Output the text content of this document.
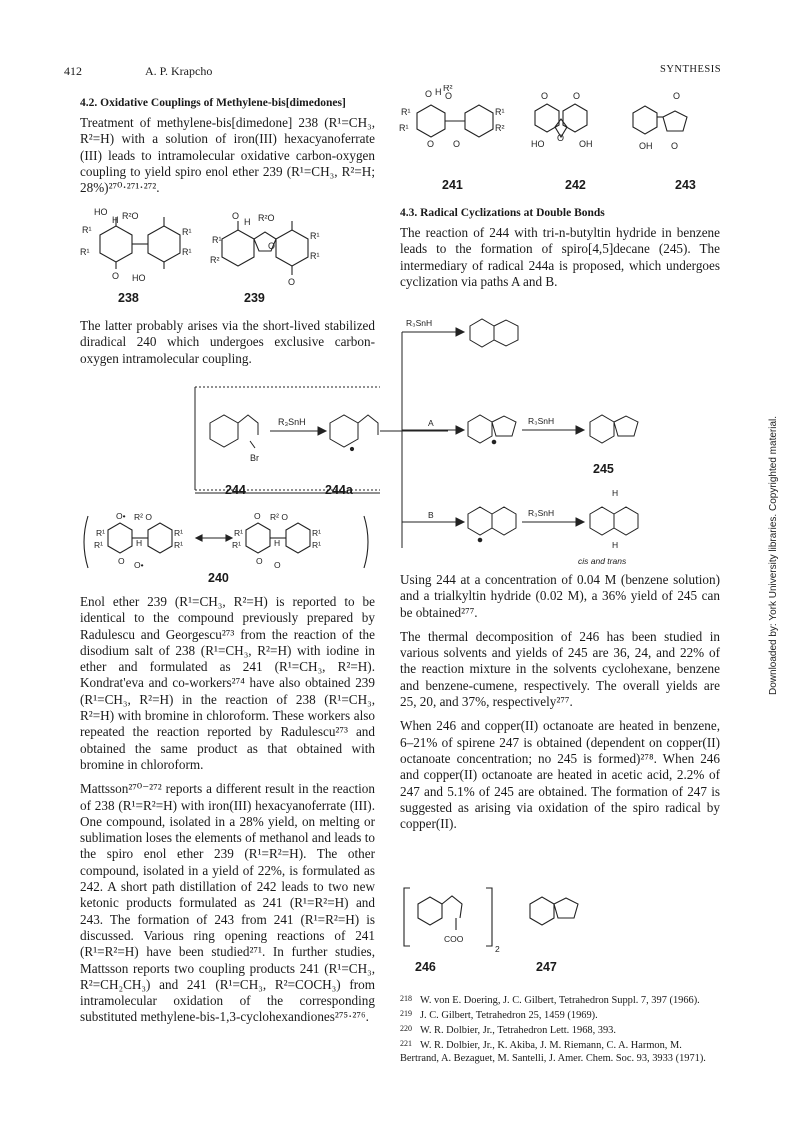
412	A. P. Krapcho	SYNTHESIS
4.2. Oxidative Couplings of Methylene-bis[dimedones]
Treatment of methylene-bis[dimedone] 238 (R¹=CH₃, R²=H) with a solution of iron(III) hexacyanoferrate (III) leads to intramolecular oxidative carbon-oxygen coupling to yield spiro enol ether 239 (R¹=CH₃, R²=H; 28%)²⁷⁰·²⁷¹·²⁷².
HO
H R²O
R¹
R¹
R¹
R¹
O HO
O
H R²O
R¹
R²
R¹
R¹
O
O
238	239
The latter probably arises via the short-lived stabilized diradical 240 which undergoes exclusive carbon-oxygen intramolecular coupling.
R₃SnH
Br
244	244a
O• R² O
R¹
R¹
R¹
R¹
H
O O•
O R² O
R¹
R¹
R¹
R¹
H
O O
240

Enol ether 239 (R¹=CH₃, R²=H) is reported to be identical to the compound previously prepared by Radulescu and Georgescu²⁷³ from the reaction of the disodium salt of 238 (R¹=CH₃, R²=H) with iodine in ether and formulated as 241 (R¹=CH₃, R²=H). Kondrat'eva and co-workers²⁷⁴ have also obtained 239 (R¹=CH₃, R²=H) in the reaction of 238 (R¹=CH₃, R²=H) with bromine in chloroform. These workers also repeated the reaction reported by Radulescu²⁷³ and obtained the same product as that obtained with bromine in chloroform.

Mattsson²⁷⁰⁻²⁷² reports a different result in the reaction of 238 (R¹=R²=H) with iron(III) hexacyanoferrate (III). One compound, isolated in a 28% yield, on melting or sublimation loses the elements of methanol and leads to the spiro enol ether 239 (R¹=R²=H). The other compound, isolated in a yield of 22%, is formulated as 242. A short path distillation of 242 leads to two new ketonic products formulated as 241 (R¹=R²=H) and 243. The formation of 243 from 241 (R¹=R²=H) is discussed. Various ring opening reactions of 241 (R¹=R²=H) have been studied²⁷¹. In further studies, Mattsson reports two coupling products 241 (R¹=CH₃, R²=CH₂CH₃) and 241 (R¹=CH₃, R²=COCH₃) from intramolecular oxidation of the corresponding substituted methylene-bis-1,3-cyclohexandiones²⁷⁵·²⁷⁶.

O H R²
O
R¹
R¹
R¹
R²
O O
O	O
HO
O
OH
O
OH O
241	242	243
4.3. Radical Cyclizations at Double Bonds
The reaction of 244 with tri-n-butyltin hydride in benzene leads to the formation of spiro[4,5]decane (245). The intermediary of radical 244a is proposed, which undergoes cyclization via paths A and B.
R₃SnH
A	R₃SnH
B	R₃SnH
H
H
245
cis and trans

Using 244 at a concentration of 0.04 M (benzene solution) and a trialkyltin hydride (0.02 M), a 36% yield of 245 can be obtained²⁷⁷.

The thermal decomposition of 246 has been studied in various solvents and yields of 245 are 36, 24, and 22% of the reaction mixture in the solvents cyclohexane, benzene and benzene-cumene, respectively. The overall yields are 25, 20, and 37%, respectively²⁷⁷.

When 246 and copper(II) octanoate are heated in benzene, 6–21% of spirene 247 is obtained (dependent on copper(II) octanoate concentration; no 245 is formed)²⁷⁸. When 246 and copper(II) octanoate are heated in acetic acid, 2.2% of 247 and 5.1% of 245 are obtained. The formation of 247 is suggested as arising via oxidation of the spiro radical by copper(II).

COO
2
246	247
218 W. von E. Doering, J. C. Gilbert, Tetrahedron Suppl. 7, 397 (1966).
219 J. C. Gilbert, Tetrahedron 25, 1459 (1969).
220 W. R. Dolbier, Jr., Tetrahedron Lett. 1968, 393.
221 W. R. Dolbier, Jr., K. Akiba, J. M. Riemann, C. A. Harmon, M. Bertrand, A. Bezaguet, M. Santelli, J. Amer. Chem. Soc. 93, 3933 (1971).
Downloaded by: York University libraries. Copyrighted material.
